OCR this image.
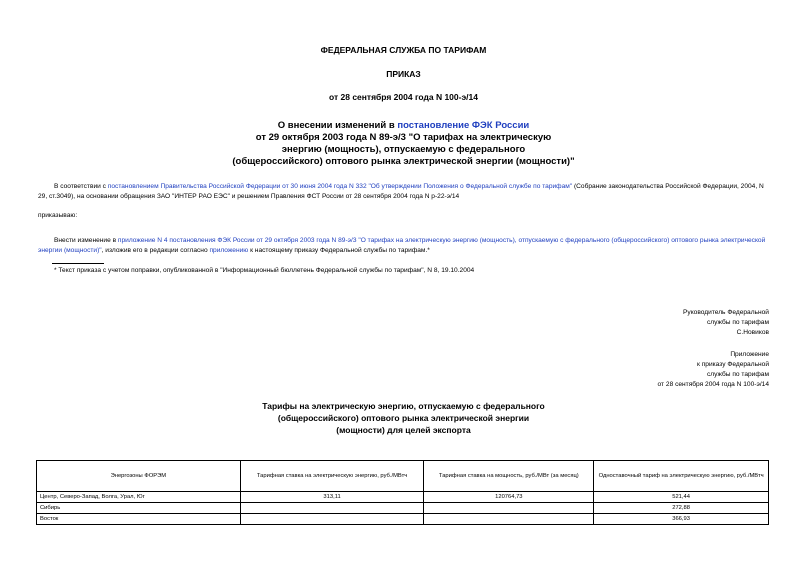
ФЕДЕРАЛЬНАЯ СЛУЖБА ПО ТАРИФАМ
ПРИКАЗ
от 28 сентября 2004 года N 100-э/14
О внесении изменений в постановление ФЭК России
от 29 октября 2003 года N 89-э/3 "О тарифах на электрическую
энергию (мощность), отпускаемую с федерального
(общероссийского) оптового рынка электрической энергии (мощности)"
В соответствии с постановлением Правительства Российской Федерации от 30 июня 2004 года N 332 "Об утверждении Положения о Федеральной службе по тарифам" (Собрание законодательства Российской Федерации, 2004, N 29, ст.3049), на основании обращения ЗАО "ИНТЕР РАО ЕЭС" и решением Правления ФСТ России от 28 сентября 2004 года N р-22-э/14
приказываю:
Внести изменение в приложение N 4 постановления ФЭК России от 29 октября 2003 года N 89-э/3 "О тарифах на электрическую энергию (мощность), отпускаемую с федерального (общероссийского) оптового рынка электрической энергии (мощности)", изложив его в редакции согласно приложению к настоящему приказу Федеральной службы по тарифам.*
* Текст приказа с учетом поправки, опубликованной в "Информационный бюллетень Федеральной службы по тарифам", N 8, 19.10.2004
Руководитель Федеральной
службы по тарифам
С.Новиков
Приложение
к приказу Федеральной
службы по тарифам
от 28 сентября 2004 года N 100-э/14
Тарифы на электрическую энергию, отпускаемую с федерального
(общероссийского) оптового рынка электрической энергии
(мощности) для целей экспорта
Энергозоны ФОРЭМ	Тарифная ставка на электрическую энергию, руб./МВтч	Тарифная ставка на мощность, руб./МВт (за месяц)	Одноставочный тариф на электрическую энергию, руб./МВтч
Центр, Северо-Запад, Волга, Урал, Юг	313,11	120764,73	521,44
Сибирь			272,88
Восток			366,93
